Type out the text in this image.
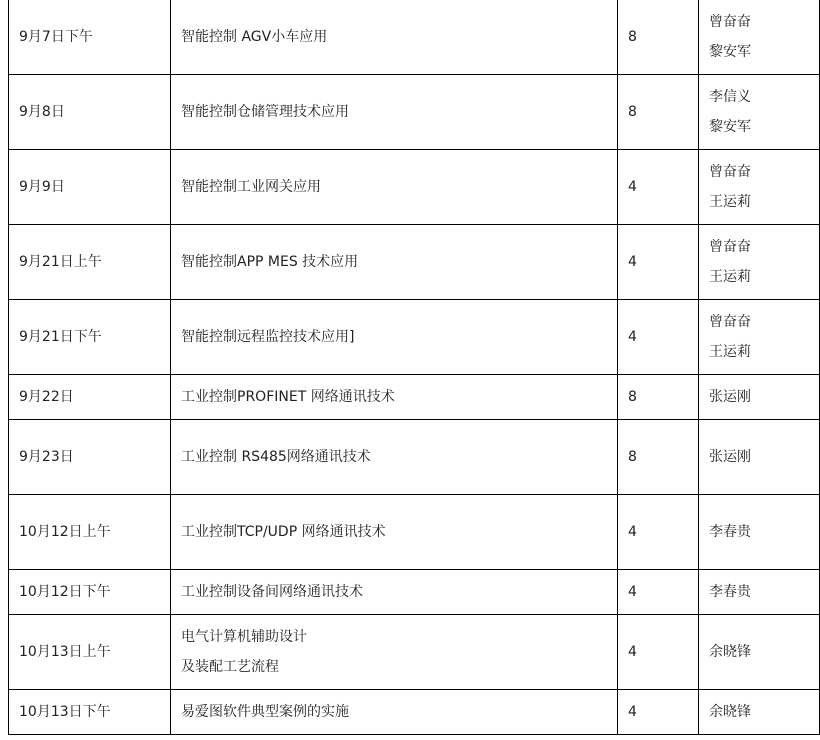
9月7日下午	智能控制 AGV小车应用	8	曾奋奋
黎安军

9月8日	智能控制仓储管理技术应用	8	李信义
黎安军

9月9日	智能控制工业网关应用	4	曾奋奋
王运莉

9月21日上午	智能控制APP MES 技术应用	4	曾奋奋
王运莉

9月21日下午	智能控制远程监控技术应用]	4	曾奋奋
王运莉

9月22日	工业控制PROFINET 网络通讯技术	8	张运刚

9月23日	工业控制 RS485网络通讯技术	8	张运刚

10月12日上午	工业控制TCP/UDP 网络通讯技术	4	李春贵

10月12日下午	工业控制设备间网络通讯技术	4	李春贵

10月13日上午	电气计算机辅助设计
及装配工艺流程	4	余晓锋

10月13日下午	易爱图软件典型案例的实施	4	余晓锋
